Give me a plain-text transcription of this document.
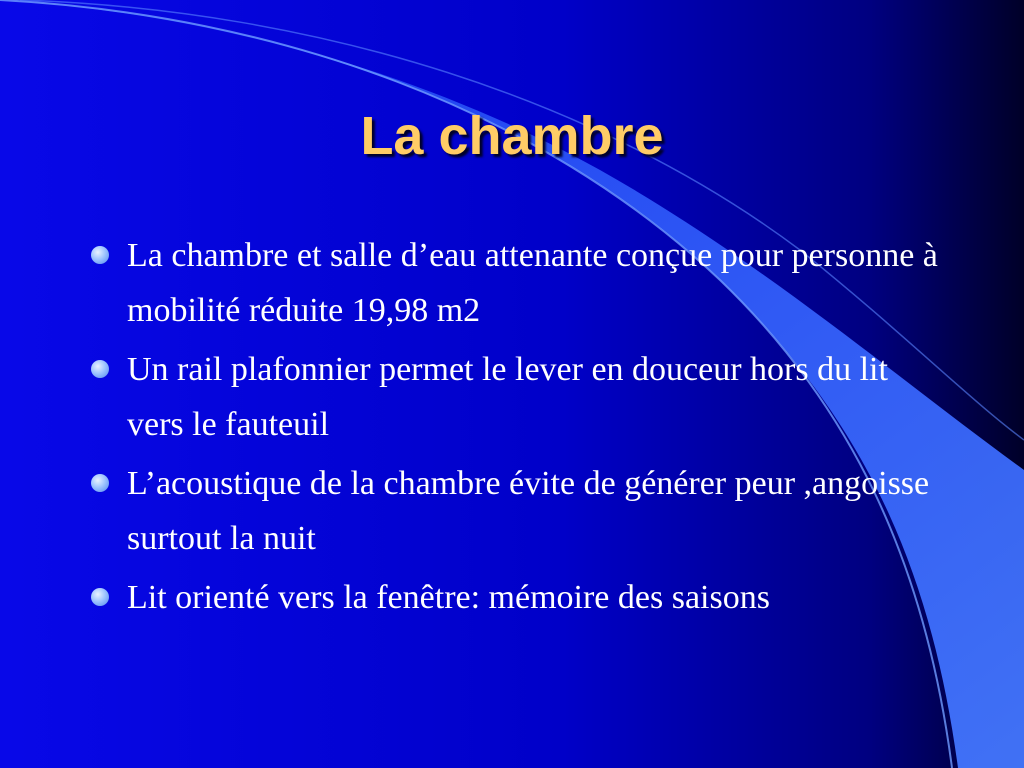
La chambre
La chambre et salle d’eau attenante conçue pour personne à mobilité réduite 19,98 m2
Un rail plafonnier permet le lever en douceur hors du lit vers le fauteuil
L’acoustique de la chambre évite de générer peur ,angoisse surtout la nuit
Lit orienté vers la fenêtre: mémoire des saisons
